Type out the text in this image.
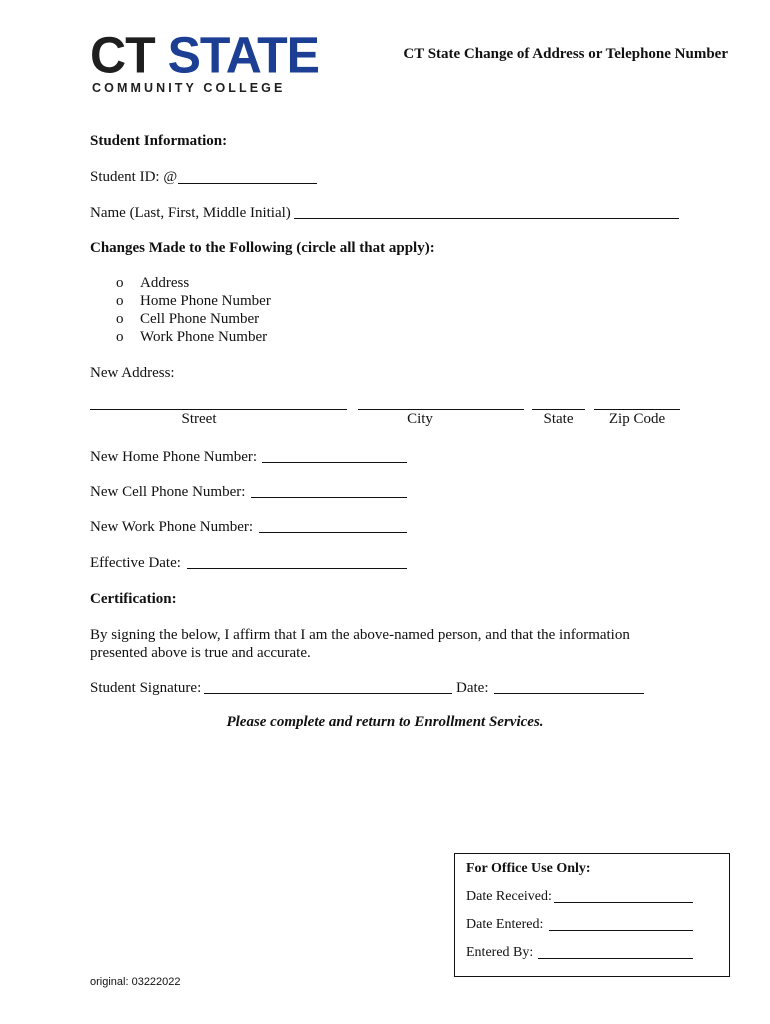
CT STATE
COMMUNITY COLLEGE
CT State Change of Address or Telephone Number
Student Information:
Student ID: @
Name (Last, First, Middle Initial)
Changes Made to the Following (circle all that apply):
o	Address
o	Home Phone Number
o	Cell Phone Number
o	Work Phone Number
New Address:
Street	City	State	Zip Code
New Home Phone Number:
New Cell Phone Number:
New Work Phone Number:
Effective Date:
Certification:
By signing the below, I affirm that I am the above-named person, and that the information
presented above is true and accurate.
Student Signature:	Date:
Please complete and return to Enrollment Services.
For Office Use Only:
Date Received:
Date Entered:
Entered By:
original: 03222022
